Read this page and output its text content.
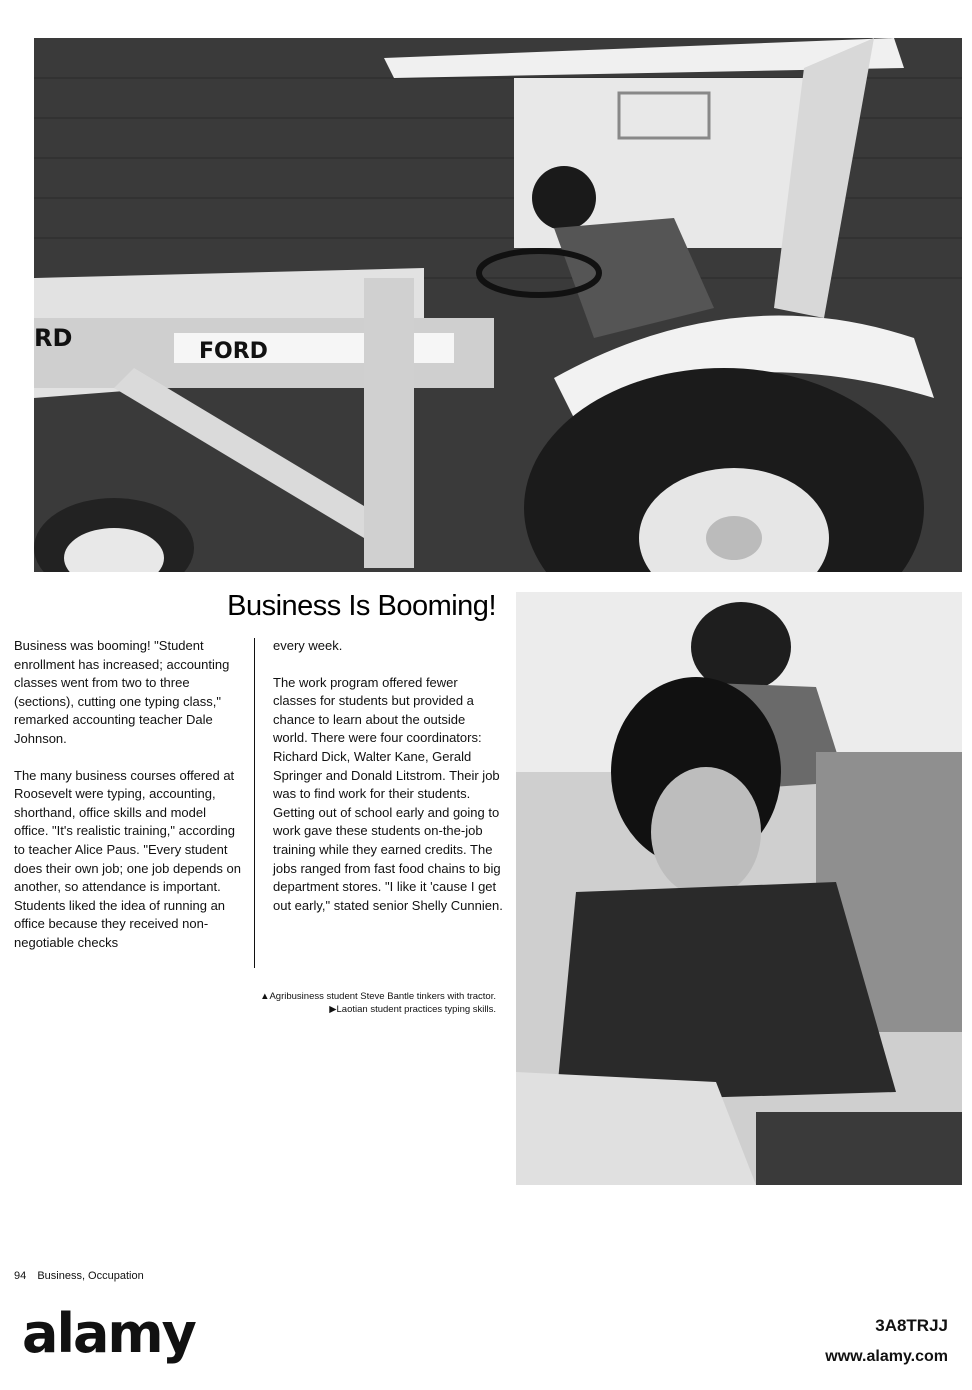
RD	FORD
Business Is Booming!

Business was booming! "Student enrollment has increased; accounting classes went from two to three (sections), cutting one typing class," remarked accounting teacher Dale Johnson.

The many business courses offered at Roosevelt were typing, accounting, shorthand, office skills and model office. "It's realistic training," according to teacher Alice Paus. "Every student does their own job; one job depends on another, so attendance is important. Students liked the idea of running an office because they received non-negotiable checks

every week.

The work program offered fewer classes for students but provided a chance to learn about the outside world. There were four coordinators: Richard Dick, Walter Kane, Gerald Springer and Donald Litstrom. Their job was to find work for their students. Getting out of school early and going to work gave these students on-the-job training while they earned credits. The jobs ranged from fast food chains to big department stores. "I like it 'cause I get out early," stated senior Shelly Cunnien.

▲Agribusiness student Steve Bantle tinkers with tractor.
▶Laotian student practices typing skills.
94 Business, Occupation
alamy	3A8TRJJ
www.alamy.com
